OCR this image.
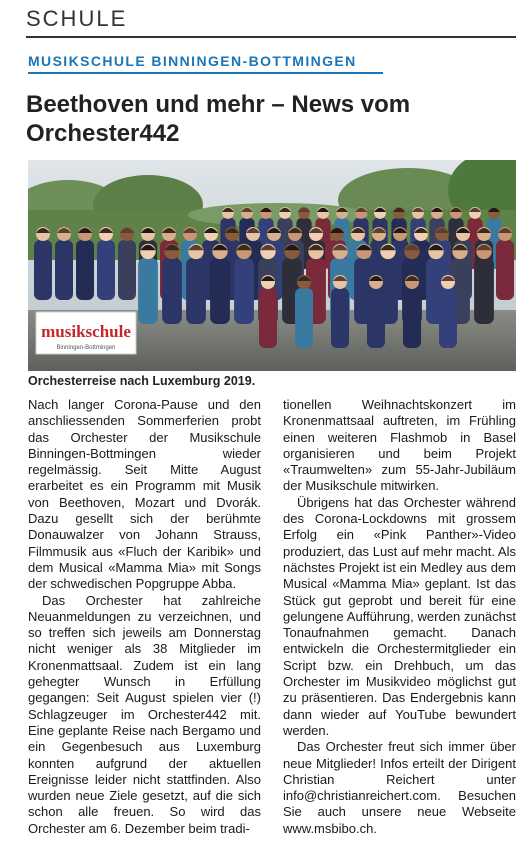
SCHULE
MUSIKSCHULE BINNINGEN-BOTTMINGEN
Beethoven und mehr – News vom Orchester442
musikschule
Binningen-Bottmingen
Orchesterreise nach Luxemburg 2019.

Nach langer Corona-Pause und den anschliessenden Sommerferien probt das Orchester der Musikschule Binningen-Bottmingen wieder regelmässig. Seit Mitte August erarbeitet es ein Programm mit Musik von Beethoven, Mozart und Dvorák. Dazu gesellt sich der berühmte Donauwalzer von Johann Strauss, Filmmusik aus «Fluch der Karibik» und dem Musical «Mamma Mia» mit Songs der schwedischen Popgruppe Abba.

Das Orchester hat zahlreiche Neuanmeldungen zu verzeichnen, und so treffen sich jeweils am Donnerstag nicht weniger als 38 Mitglieder im Kronenmattsaal. Zudem ist ein lang gehegter Wunsch in Erfüllung gegangen: Seit August spielen vier (!) Schlagzeuger im Orchester442 mit. Eine geplante Reise nach Bergamo und ein Gegenbesuch aus Luxemburg konnten aufgrund der aktuellen Ereignisse leider nicht stattfinden. Also wurden neue Ziele gesetzt, auf die sich schon alle freuen. So wird das Orchester am 6. Dezember beim tradi-

tionellen Weihnachtskonzert im Kronenmattsaal auftreten, im Frühling einen weiteren Flashmob in Basel organisieren und beim Projekt «Traumwelten» zum 55-Jahr-Jubiläum der Musikschule mitwirken.

Übrigens hat das Orchester während des Corona-Lockdowns mit grossem Erfolg ein «Pink Panther»-Video produziert, das Lust auf mehr macht. Als nächstes Projekt ist ein Medley aus dem Musical «Mamma Mia» geplant. Ist das Stück gut geprobt und bereit für eine gelungene Aufführung, werden zunächst Tonaufnahmen gemacht. Danach entwickeln die Orchestermitglieder ein Script bzw. ein Drehbuch, um das Orchester im Musikvideo möglichst gut zu präsentieren. Das Endergebnis kann dann wieder auf YouTube bewundert werden.

Das Orchester freut sich immer über neue Mitglieder! Infos erteilt der Dirigent Christian Reichert unter info@christianreichert.com. Besuchen Sie auch unsere neue Webseite www.msbibo.ch.
